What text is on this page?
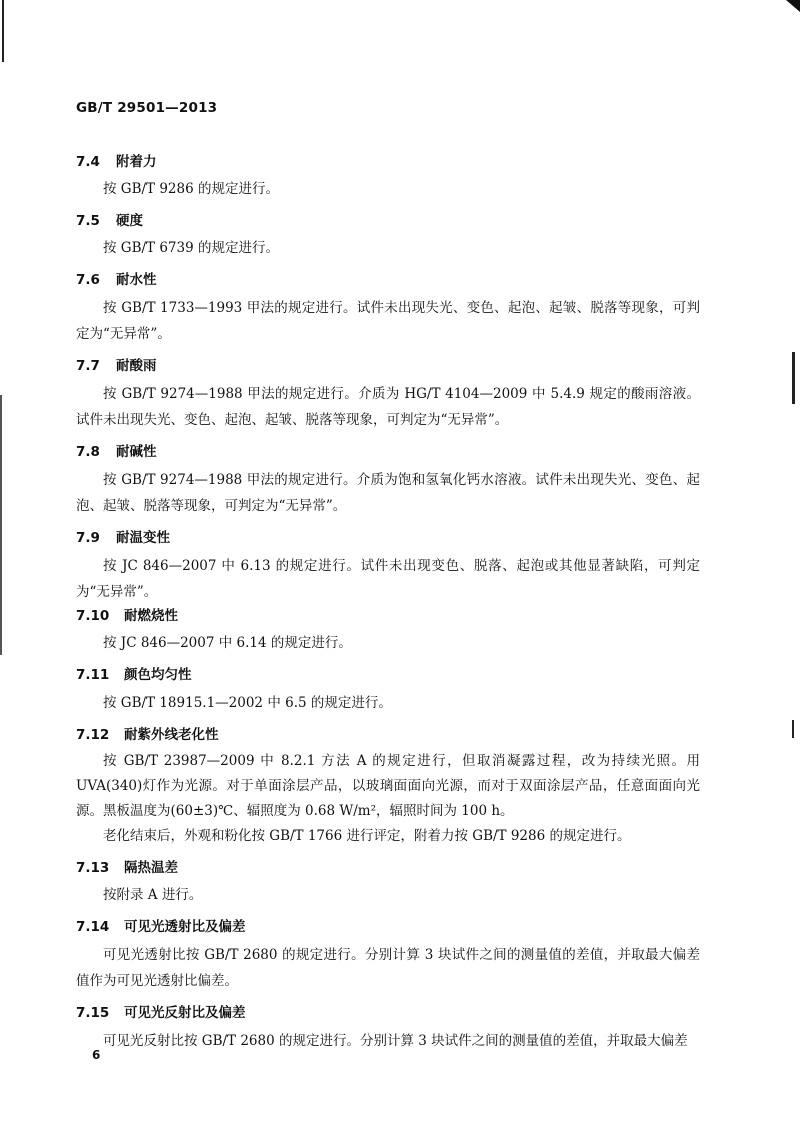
GB/T 29501—2013
7.4 附着力

按 GB/T 9286 的规定进行。

7.5 硬度

按 GB/T 6739 的规定进行。

7.6 耐水性

按 GB/T 1733—1993 甲法的规定进行。试件未出现失光、变色、起泡、起皱、脱落等现象，可判定为“无异常”。

7.7 耐酸雨

按 GB/T 9274—1988 甲法的规定进行。介质为 HG/T 4104—2009 中 5.4.9 规定的酸雨溶液。试件未出现失光、变色、起泡、起皱、脱落等现象，可判定为“无异常”。

7.8 耐碱性

按 GB/T 9274—1988 甲法的规定进行。介质为饱和氢氧化钙水溶液。试件未出现失光、变色、起泡、起皱、脱落等现象，可判定为“无异常”。

7.9 耐温变性

按 JC 846—2007 中 6.13 的规定进行。试件未出现变色、脱落、起泡或其他显著缺陷，可判定为“无异常”。

7.10 耐燃烧性

按 JC 846—2007 中 6.14 的规定进行。

7.11 颜色均匀性

按 GB/T 18915.1—2002 中 6.5 的规定进行。

7.12 耐紫外线老化性

按 GB/T 23987—2009 中 8.2.1 方法 A 的规定进行，但取消凝露过程，改为持续光照。用 UVA(340)灯作为光源。对于单面涂层产品，以玻璃面面向光源，而对于双面涂层产品，任意面面向光源。黑板温度为(60±3)℃、辐照度为 0.68 W/m²，辐照时间为 100 h。

老化结束后，外观和粉化按 GB/T 1766 进行评定，附着力按 GB/T 9286 的规定进行。

7.13 隔热温差

按附录 A 进行。

7.14 可见光透射比及偏差

可见光透射比按 GB/T 2680 的规定进行。分别计算 3 块试件之间的测量值的差值，并取最大偏差值作为可见光透射比偏差。

7.15 可见光反射比及偏差

可见光反射比按 GB/T 2680 的规定进行。分别计算 3 块试件之间的测量值的差值，并取最大偏差

6
